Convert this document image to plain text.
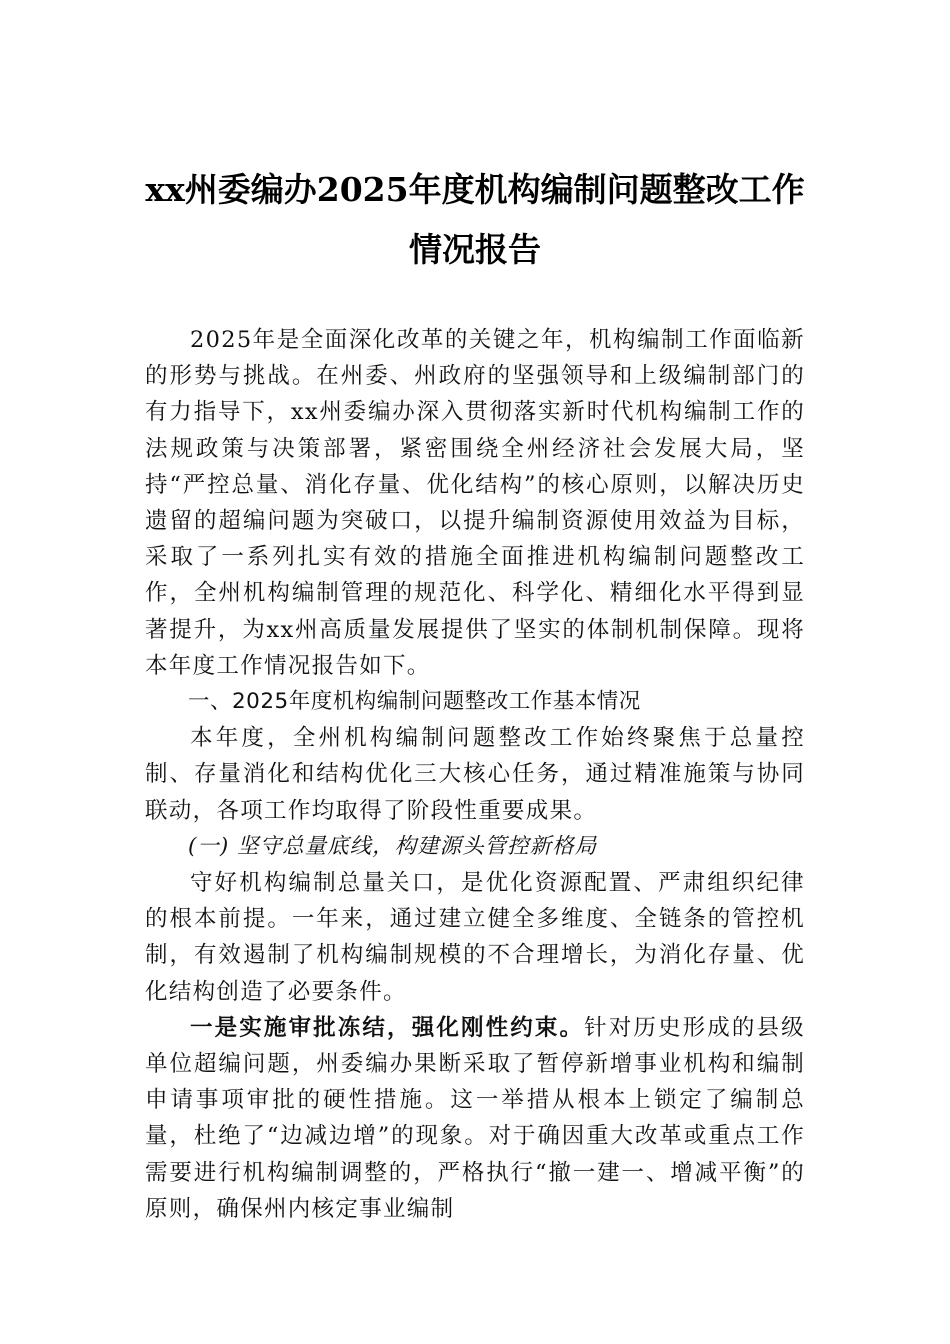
xx州委编办2025年度机构编制问题整改工作情况报告

2025年是全面深化改革的关键之年，机构编制工作面临新的形势与挑战。在州委、州政府的坚强领导和上级编制部门的有力指导下，xx州委编办深入贯彻落实新时代机构编制工作的法规政策与决策部署，紧密围绕全州经济社会发展大局，坚持“严控总量、消化存量、优化结构”的核心原则，以解决历史遗留的超编问题为突破口，以提升编制资源使用效益为目标，采取了一系列扎实有效的措施全面推进机构编制问题整改工作，全州机构编制管理的规范化、科学化、精细化水平得到显著提升，为xx州高质量发展提供了坚实的体制机制保障。现将本年度工作情况报告如下。

一、2025年度机构编制问题整改工作基本情况

本年度，全州机构编制问题整改工作始终聚焦于总量控制、存量消化和结构优化三大核心任务，通过精准施策与协同联动，各项工作均取得了阶段性重要成果。

(一) 坚守总量底线，构建源头管控新格局

守好机构编制总量关口，是优化资源配置、严肃组织纪律的根本前提。一年来，通过建立健全多维度、全链条的管控机制，有效遏制了机构编制规模的不合理增长，为消化存量、优化结构创造了必要条件。

一是实施审批冻结，强化刚性约束。针对历史形成的县级单位超编问题，州委编办果断采取了暂停新增事业机构和编制申请事项审批的硬性措施。这一举措从根本上锁定了编制总量，杜绝了“边减边增”的现象。对于确因重大改革或重点工作需要进行机构编制调整的，严格执行“撤一建一、增减平衡”的原则，确保州内核定事业编制
